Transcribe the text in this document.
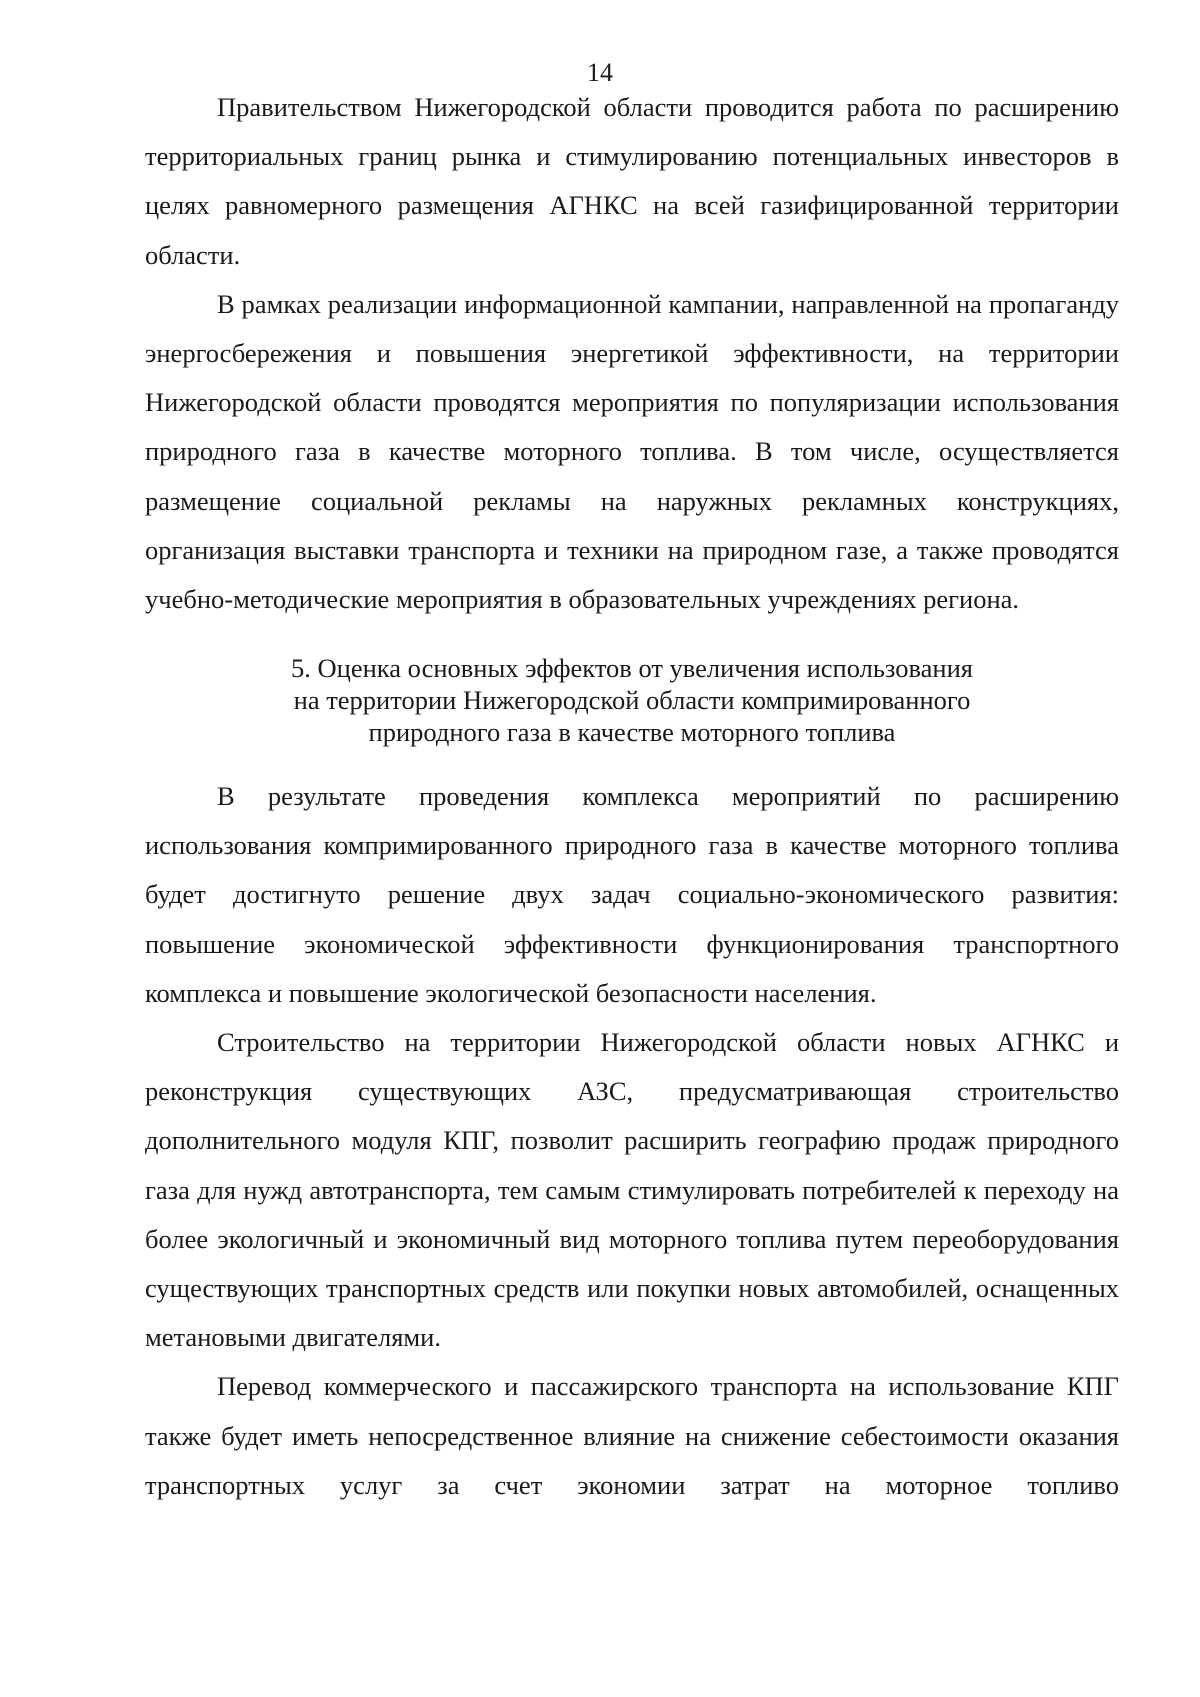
14

Правительством Нижегородской области проводится работа по расширению территориальных границ рынка и стимулированию потенциальных инвесторов в целях равномерного размещения АГНКС на всей газифицированной территории области.

В рамках реализации информационной кампании, направленной на пропаганду энергосбережения и повышения энергетикой эффективности, на территории Нижегородской области проводятся мероприятия по популяризации использования природного газа в качестве моторного топлива. В том числе, осуществляется размещение социальной рекламы на наружных рекламных конструкциях, организация выставки транспорта и техники на природном газе, а также проводятся учебно-методические мероприятия в образовательных учреждениях региона.

5. Оценка основных эффектов от увеличения использования
на территории Нижегородской области компримированного
природного газа в качестве моторного топлива

В результате проведения комплекса мероприятий по расширению использования компримированного природного газа в качестве моторного топлива будет достигнуто решение двух задач социально-экономического развития: повышение экономической эффективности функционирования транспортного комплекса и повышение экологической безопасности населения.

Строительство на территории Нижегородской области новых АГНКС и реконструкция существующих АЗС, предусматривающая строительство дополнительного модуля КПГ, позволит расширить географию продаж природного газа для нужд автотранспорта, тем самым стимулировать потребителей к переходу на более экологичный и экономичный вид моторного топлива путем переоборудования существующих транспортных средств или покупки новых автомобилей, оснащенных метановыми двигателями.

Перевод коммерческого и пассажирского транспорта на использование КПГ также будет иметь непосредственное влияние на снижение себестоимости оказания транспортных услуг за счет экономии затрат на моторное топливо
